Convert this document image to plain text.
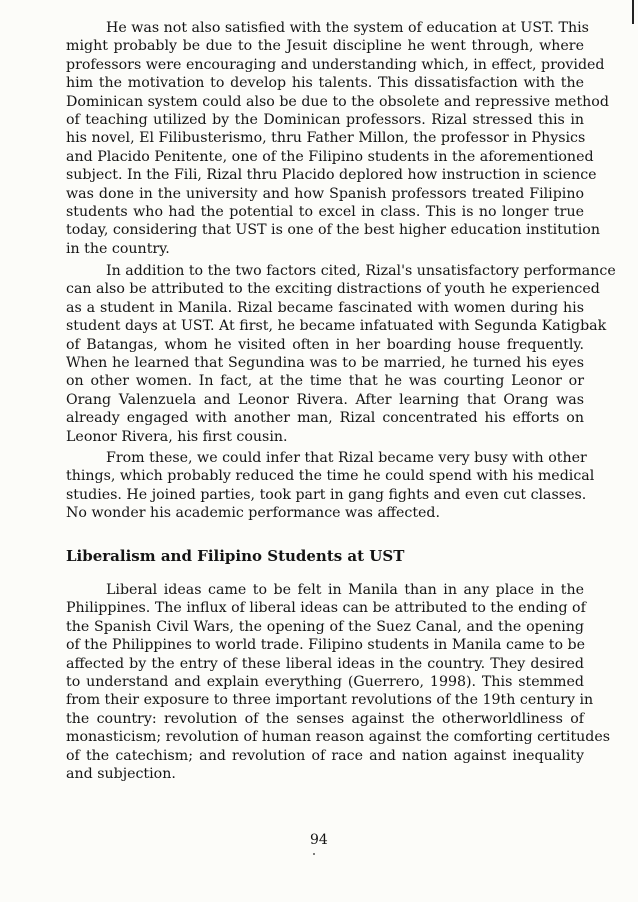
He was not also satisfied with the system of education at UST. This
might probably be due to the Jesuit discipline he went through, where
professors were encouraging and understanding which, in effect, provided
him the motivation to develop his talents. This dissatisfaction with the
Dominican system could also be due to the obsolete and repressive method
of teaching utilized by the Dominican professors. Rizal stressed this in
his novel, El Filibusterismo, thru Father Millon, the professor in Physics
and Placido Penitente, one of the Filipino students in the aforementioned
subject. In the Fili, Rizal thru Placido deplored how instruction in science
was done in the university and how Spanish professors treated Filipino
students who had the potential to excel in class. This is no longer true
today, considering that UST is one of the best higher education institution
in the country.
In addition to the two factors cited, Rizal's unsatisfactory performance
can also be attributed to the exciting distractions of youth he experienced
as a student in Manila. Rizal became fascinated with women during his
student days at UST. At first, he became infatuated with Segunda Katigbak
of Batangas, whom he visited often in her boarding house frequently.
When he learned that Segundina was to be married, he turned his eyes
on other women. In fact, at the time that he was courting Leonor or
Orang Valenzuela and Leonor Rivera. After learning that Orang was
already engaged with another man, Rizal concentrated his efforts on
Leonor Rivera, his first cousin.
From these, we could infer that Rizal became very busy with other
things, which probably reduced the time he could spend with his medical
studies. He joined parties, took part in gang fights and even cut classes.
No wonder his academic performance was affected.
Liberalism and Filipino Students at UST
Liberal ideas came to be felt in Manila than in any place in the
Philippines. The influx of liberal ideas can be attributed to the ending of
the Spanish Civil Wars, the opening of the Suez Canal, and the opening
of the Philippines to world trade. Filipino students in Manila came to be
affected by the entry of these liberal ideas in the country. They desired
to understand and explain everything (Guerrero, 1998). This stemmed
from their exposure to three important revolutions of the 19th century in
the country: revolution of the senses against the otherworldliness of
monasticism; revolution of human reason against the comforting certitudes
of the catechism; and revolution of race and nation against inequality
and subjection.
94
